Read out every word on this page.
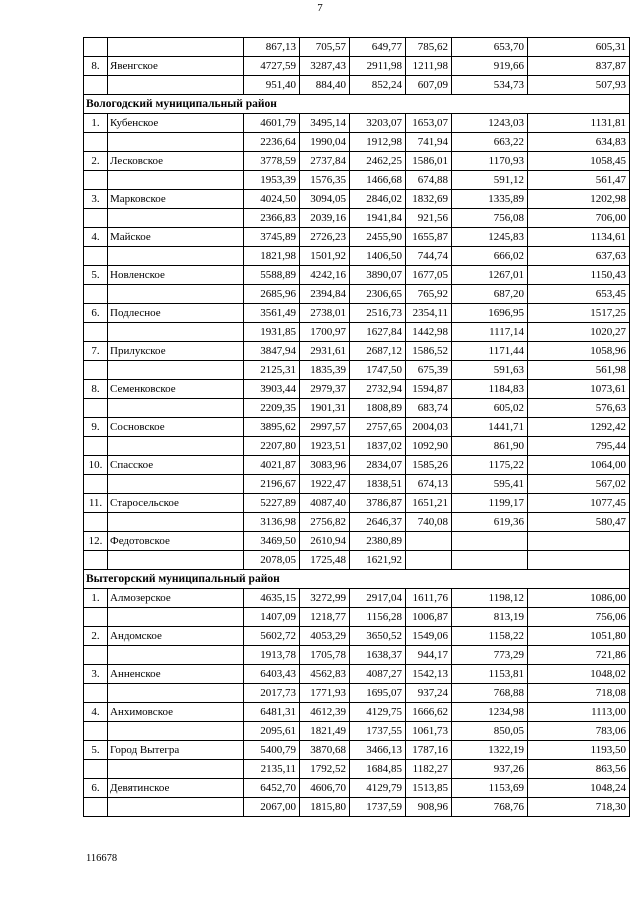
7
		867,13	705,57	649,77	785,62	653,70	605,31
8.	Явенгское	4727,59	3287,43	2911,98	1211,98	919,66	837,87
		951,40	884,40	852,24	607,09	534,73	507,93
Вологодский муниципальный район							
1.	Кубенское	4601,79	3495,14	3203,07	1653,07	1243,03	1131,81
		2236,64	1990,04	1912,98	741,94	663,22	634,83
2.	Лесковское	3778,59	2737,84	2462,25	1586,01	1170,93	1058,45
		1953,39	1576,35	1466,68	674,88	591,12	561,47
3.	Марковское	4024,50	3094,05	2846,02	1832,69	1335,89	1202,98
		2366,83	2039,16	1941,84	921,56	756,08	706,00
4.	Майское	3745,89	2726,23	2455,90	1655,87	1245,83	1134,61
		1821,98	1501,92	1406,50	744,74	666,02	637,63
5.	Новленское	5588,89	4242,16	3890,07	1677,05	1267,01	1150,43
		2685,96	2394,84	2306,65	765,92	687,20	653,45
6.	Подлесное	3561,49	2738,01	2516,73	2354,11	1696,95	1517,25
		1931,85	1700,97	1627,84	1442,98	1117,14	1020,27
7.	Прилукское	3847,94	2931,61	2687,12	1586,52	1171,44	1058,96
		2125,31	1835,39	1747,50	675,39	591,63	561,98
8.	Семенковское	3903,44	2979,37	2732,94	1594,87	1184,83	1073,61
		2209,35	1901,31	1808,89	683,74	605,02	576,63
9.	Сосновское	3895,62	2997,57	2757,65	2004,03	1441,71	1292,42
		2207,80	1923,51	1837,02	1092,90	861,90	795,44
10.	Спасское	4021,87	3083,96	2834,07	1585,26	1175,22	1064,00
		2196,67	1922,47	1838,51	674,13	595,41	567,02
11.	Старосельское	5227,89	4087,40	3786,87	1651,21	1199,17	1077,45
		3136,98	2756,82	2646,37	740,08	619,36	580,47
12.	Федотовское	3469,50	2610,94	2380,89			
		2078,05	1725,48	1621,92			
Вытегорский муниципальный район							
1.	Алмозерское	4635,15	3272,99	2917,04	1611,76	1198,12	1086,00
		1407,09	1218,77	1156,28	1006,87	813,19	756,06
2.	Андомское	5602,72	4053,29	3650,52	1549,06	1158,22	1051,80
		1913,78	1705,78	1638,37	944,17	773,29	721,86
3.	Анненское	6403,43	4562,83	4087,27	1542,13	1153,81	1048,02
		2017,73	1771,93	1695,07	937,24	768,88	718,08
4.	Анхимовское	6481,31	4612,39	4129,75	1666,62	1234,98	1113,00
		2095,61	1821,49	1737,55	1061,73	850,05	783,06
5.	Город Вытегра	5400,79	3870,68	3466,13	1787,16	1322,19	1193,50
		2135,11	1792,52	1684,85	1182,27	937,26	863,56
6.	Девятинское	6452,70	4606,70	4129,79	1513,85	1153,69	1048,24
		2067,00	1815,80	1737,59	908,96	768,76	718,30
116678
